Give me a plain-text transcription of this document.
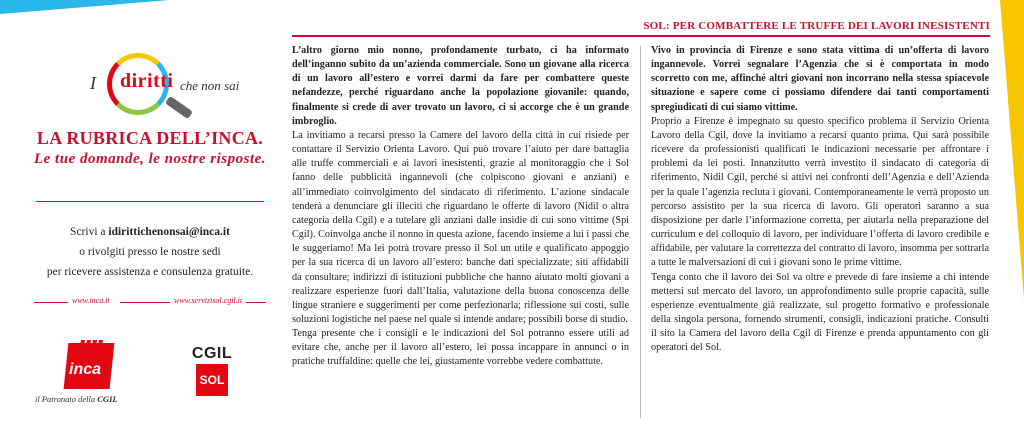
I diritti che non sai
LA RUBRICA DELL’INCA.
Le tue domande, le nostre risposte.
Scrivi a idirittichenonsai@inca.it
o rivolgiti presso le nostre sedi
per ricevere assistenza e consulenza gratuite.
www.inca.it	www.servizisol.cgil.it
inca
il Patronato della CGIL
CGIL
SOL
SOL: PER COMBATTERE LE TRUFFE DEI LAVORI INESISTENTI

L’altro giorno mio nonno, profondamente turbato, ci ha informato dell’inganno subito da un’azienda commerciale. Sono un giovane alla ricerca di un lavoro all’estero e vorrei darmi da fare per combattere queste nefandezze, perché riguardano anche la popolazione giovanile: quando, finalmente si crede di aver trovato un lavoro, ci si accorge che è un grande imbroglio.

La invitiamo a recarsi presso la Camere del lavoro della città in cui risiede per contattare il Servizio Orienta Lavoro. Qui può trovare l’aiuto per dare battaglia alle truffe commerciali e ai lavori inesistenti, grazie al monitoraggio che i Sol fanno delle pubblicità ingannevoli (che colpiscono giovani e anziani) e all’immediato coinvolgimento del sindacato di riferimento. L’azione sindacale tenderà a denunciare gli illeciti che riguardano le offerte di lavoro (Nidil o altra categoria della Cgil) e a tutelare gli anziani dalle insidie di cui sono vittime (Spi Cgil). Coinvolga anche il nonno in questa azione, facendo insieme a lui i passi che le suggeriamo! Ma lei potrà trovare presso il Sol un utile e qualificato appoggio per la sua ricerca di un lavoro all’estero: banche dati specializzate; siti affidabili da consultare; indirizzi di istituzioni pubbliche che hanno aiutato molti giovani a realizzare esperienze fuori dall’Italia, valutazione della buona conoscenza delle lingue straniere e suggerimenti per come perfezionarla; riflessione sui costi, sulle soluzioni logistiche nel paese nel quale si intende andare; possibili borse di studio.

Tenga presente che i consigli e le indicazioni del Sol potranno essere utili ad evitare che, anche per il lavoro all’estero, lei possa incappare in annunci o in pratiche truffaldine: quelle che lei, giustamente vorrebbe vedere combattute.

Vivo in provincia di Firenze e sono stata vittima di un’offerta di lavoro ingannevole. Vorrei segnalare l’Agenzia che si è comportata in modo scorretto con me, affinché altri giovani non incorrano nella stessa spiacevole situazione e sapere come ci possiamo difendere dai tanti comportamenti spregiudicati di cui siamo vittime.

Proprio a Firenze è impegnato su questo specifico problema il Servizio Orienta Lavoro della Cgil, dove la invitiamo a recarsi quanto prima. Qui sarà possibile ricevere da professionisti qualificati le indicazioni necessarie per affrontare i problemi da lei posti. Innanzitutto verrà investito il sindacato di categoria di riferimento, Nidil Cgil, perché si attivi nei confronti dell’Agenzia e dell’Azienda per la quale l’agenzia recluta i giovani. Contemporaneamente le verrà proposto un percorso assistito per la sua ricerca di lavoro. Gli operatori saranno a sua disposizione per darle l’informazione corretta, per aiutarla nella preparazione del curriculum e del colloquio di lavoro, per individuare l’offerta di lavoro credibile e affidabile, per valutare la correttezza del contratto di lavoro, insomma per sottrarla a tutte le malversazioni di cui i giovani sono le prime vittime.

Tenga conto che il lavoro dei Sol va oltre e prevede di fare insieme a chi intende mettersi sul mercato del lavoro, un approfondimento sulle proprie capacità, sulle esperienze eventualmente già realizzate, sul progetto formativo e professionale della singola persona, fornendo strumenti, consigli, indicazioni pratiche. Consulti il sito la Camera del lavoro della Cgil di Firenze e prenda appuntamento con gli operatori del Sol.
